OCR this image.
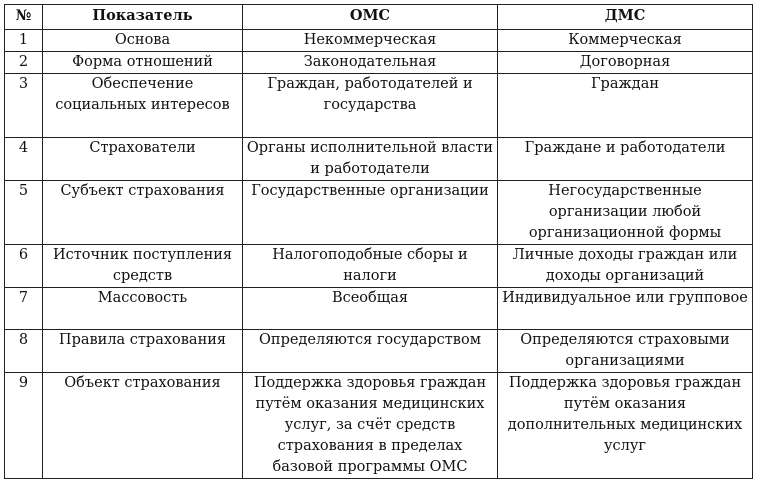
№	Показатель	ОМС	ДМС
1	Основа	Некоммерческая	Коммерческая
2	Форма отношений	Законодательная	Договорная
3	Обеспечение социальных интересов	Граждан, работодателей и государства	Граждан
4	Страхователи	Органы исполнительной власти и работодатели	Граждане и работодатели
5	Субъект страхования	Государственные организации	Негосударственные организации любой организационной формы
6	Источник поступления средств	Налогоподобные сборы и налоги	Личные доходы граждан или доходы организаций
7	Массовость	Всеобщая	Индивидуальное или групповое
8	Правила страхования	Определяются государством	Определяются страховыми организациями
9	Объект страхования	Поддержка здоровья граждан путём оказания медицинских услуг, за счёт средств страхования в пределах базовой программы ОМС	Поддержка здоровья граждан путём оказания дополнительных медицинских услуг
